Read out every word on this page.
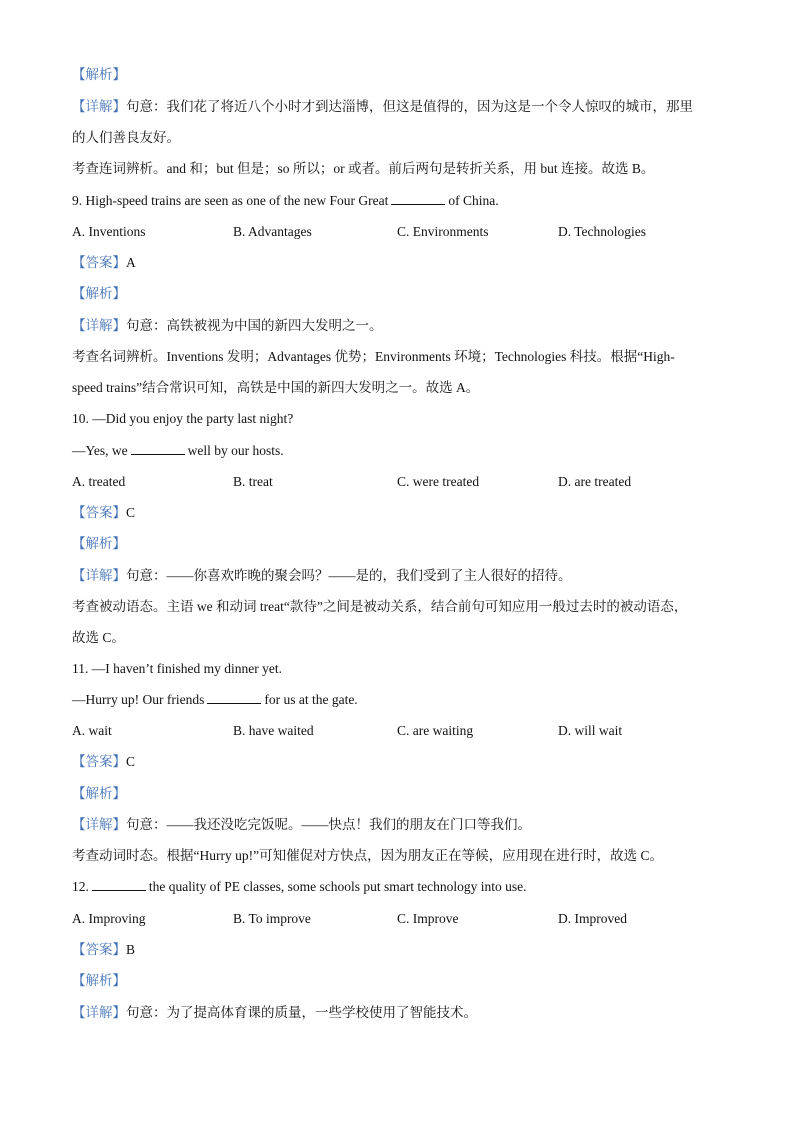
【解析】
【详解】句意：我们花了将近八个小时才到达淄博，但这是值得的，因为这是一个令人惊叹的城市，那里
的人们善良友好。
考查连词辨析。and 和；but 但是；so 所以；or 或者。前后两句是转折关系，用 but 连接。故选 B。
9. High-speed trains are seen as one of the new Four Great	of China.
A. Inventions	B. Advantages	C. Environments	D. Technologies
【答案】A
【解析】
【详解】句意：高铁被视为中国的新四大发明之一。
考查名词辨析。Inventions 发明；Advantages 优势；Environments 环境；Technologies 科技。根据“High-
speed trains”结合常识可知，高铁是中国的新四大发明之一。故选 A。
10. —Did you enjoy the party last night?
—Yes, we	well by our hosts.
A. treated	B. treat	C. were treated	D. are treated
【答案】C
【解析】
【详解】句意：——你喜欢昨晚的聚会吗？——是的，我们受到了主人很好的招待。
考查被动语态。主语 we 和动词 treat“款待”之间是被动关系，结合前句可知应用一般过去时的被动语态，
故选 C。
11. —I haven’t finished my dinner yet.
—Hurry up! Our friends	for us at the gate.
A. wait	B. have waited	C. are waiting	D. will wait
【答案】C
【解析】
【详解】句意：——我还没吃完饭呢。——快点！我们的朋友在门口等我们。
考查动词时态。根据“Hurry up!”可知催促对方快点，因为朋友正在等候，应用现在进行时，故选 C。
12.	the quality of PE classes, some schools put smart technology into use.
A. Improving	B. To improve	C. Improve	D. Improved
【答案】B
【解析】
【详解】句意：为了提高体育课的质量，一些学校使用了智能技术。
